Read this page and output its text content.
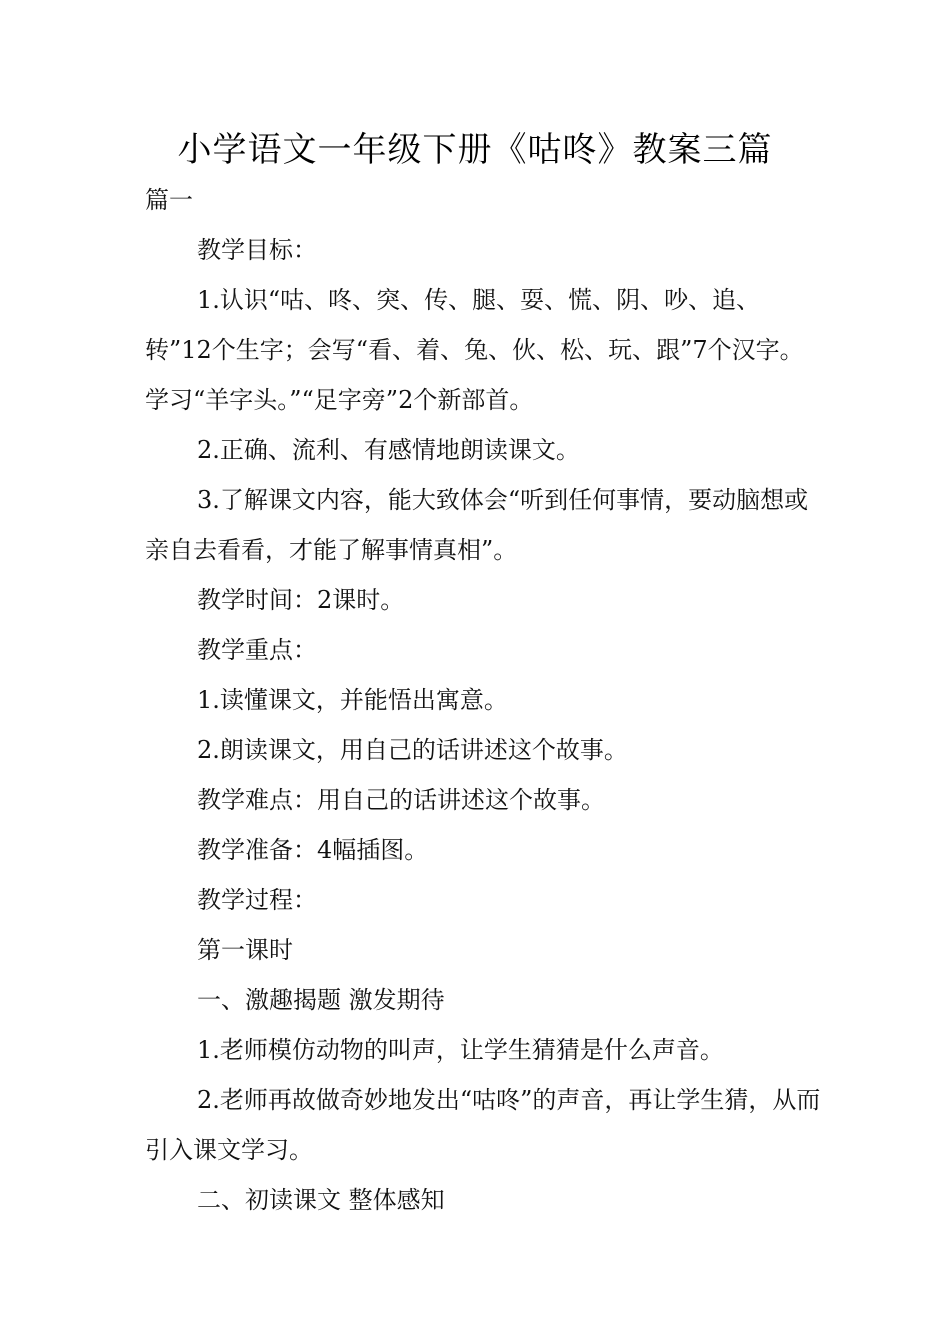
小学语文一年级下册《咕咚》教案三篇

篇一

教学目标：

1.认识“咕、咚、突、传、腿、耍、慌、阴、吵、追、转”12个生字；会写“看、着、兔、伙、松、玩、跟”7个汉字。学习“羊字头。”“足字旁”2个新部首。

2.正确、流利、有感情地朗读课文。

3.了解课文内容，能大致体会“听到任何事情，要动脑想或亲自去看看，才能了解事情真相”。

教学时间：2课时。

教学重点：

1.读懂课文，并能悟出寓意。

2.朗读课文，用自己的话讲述这个故事。

教学难点：用自己的话讲述这个故事。

教学准备：4幅插图。

教学过程：

第一课时

一、激趣揭题 激发期待

1.老师模仿动物的叫声，让学生猜猜是什么声音。

2.老师再故做奇妙地发出“咕咚”的声音，再让学生猜，从而引入课文学习。

二、初读课文 整体感知
